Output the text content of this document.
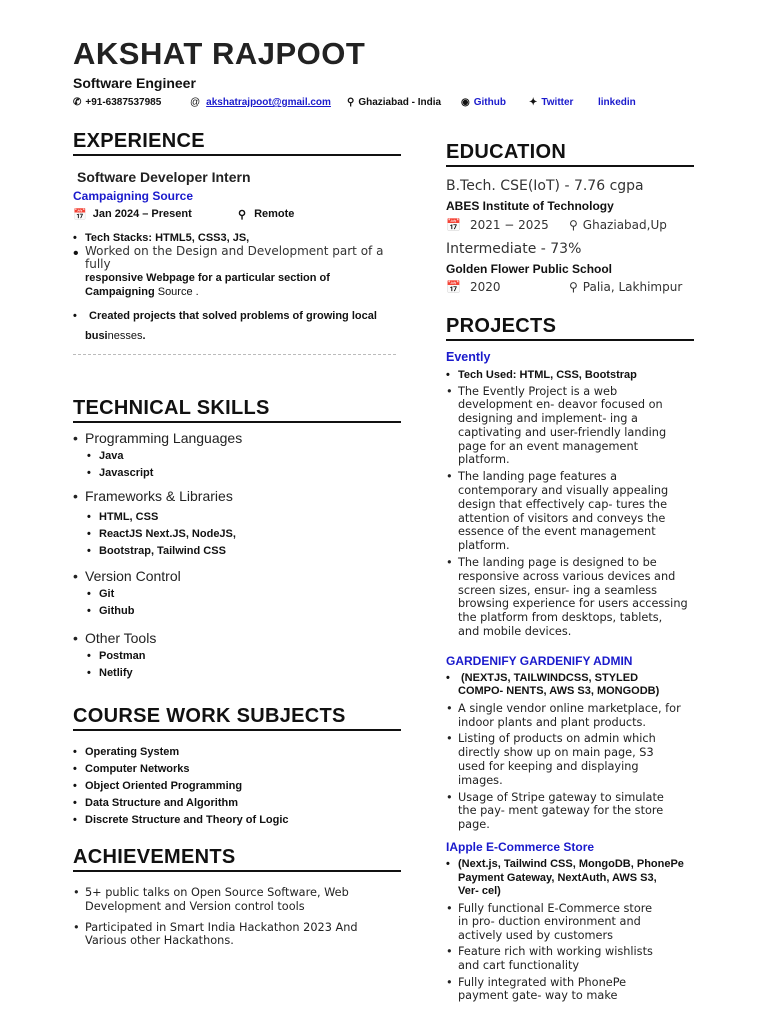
AKSHAT RAJPOOT
Software Engineer
✆ +91-6387537985	@ akshatrajpoot@gmail.com ⚲ Ghaziabad - India ◉ Github ✦ Twitter linkedin
EXPERIENCE
Software Developer Intern
Campaigning Source
📅 Jan 2024 – Present	⚲ Remote
• Tech Stacks: HTML5, CSS3, JS,
• Worked on the Design and Development part of a fully
responsive Webpage for a particular section of
Campaigning Source .
• Created projects that solved problems of growing local
businesses.
TECHNICAL SKILLS
• Programming Languages
• Java
• Javascript
• Frameworks & Libraries
• HTML, CSS
• ReactJS Next.JS, NodeJS,
• Bootstrap, Tailwind CSS
• Version Control
• Git
• Github
• Other Tools
• Postman
• Netlify
COURSE WORK SUBJECTS
• Operating System
• Computer Networks
• Object Oriented Programming
• Data Structure and Algorithm
• Discrete Structure and Theory of Logic
ACHIEVEMENTS
• 5+ public talks on Open Source Software, Web
Development and Version control tools
• Participated in Smart India Hackathon 2023 And
Various other Hackathons.
EDUCATION
B.Tech. CSE(IoT) - 7.76 cgpa
ABES Institute of Technology
📅 2021 − 2025 ⚲ Ghaziabad,Up
Intermediate - 73%
Golden Flower Public School
📅 2020	⚲ Palia, Lakhimpur
PROJECTS
Evently
• Tech Used: HTML, CSS, Bootstrap
• The Evently Project is a web
development en- deavor focused on
designing and implement- ing a
captivating and user-friendly landing
page for an event management
platform.
• The landing page features a
contemporary and visually appealing
design that effectively cap- tures the
attention of visitors and conveys the
essence of the event management
platform.
• The landing page is designed to be
responsive across various devices and
screen sizes, ensur- ing a seamless
browsing experience for users accessing
the platform from desktops, tablets,
and mobile devices.
GARDENIFY GARDENIFY ADMIN
• (NEXTJS, TAILWINDCSS, STYLED
COMPO- NENTS, AWS S3, MONGODB)
• A single vendor online marketplace, for
indoor plants and plant products.
• Listing of products on admin which
directly show up on main page, S3
used for keeping and displaying
images.
• Usage of Stripe gateway to simulate
the pay- ment gateway for the store
page.
IApple E-Commerce Store
• (Next.js, Tailwind CSS, MongoDB, PhonePe
Payment Gateway, NextAuth, AWS S3,
Ver- cel)
• Fully functional E-Commerce store
in pro- duction environment and
actively used by customers
• Feature rich with working wishlists
and cart functionality
• Fully integrated with PhonePe
payment gate- way to make
